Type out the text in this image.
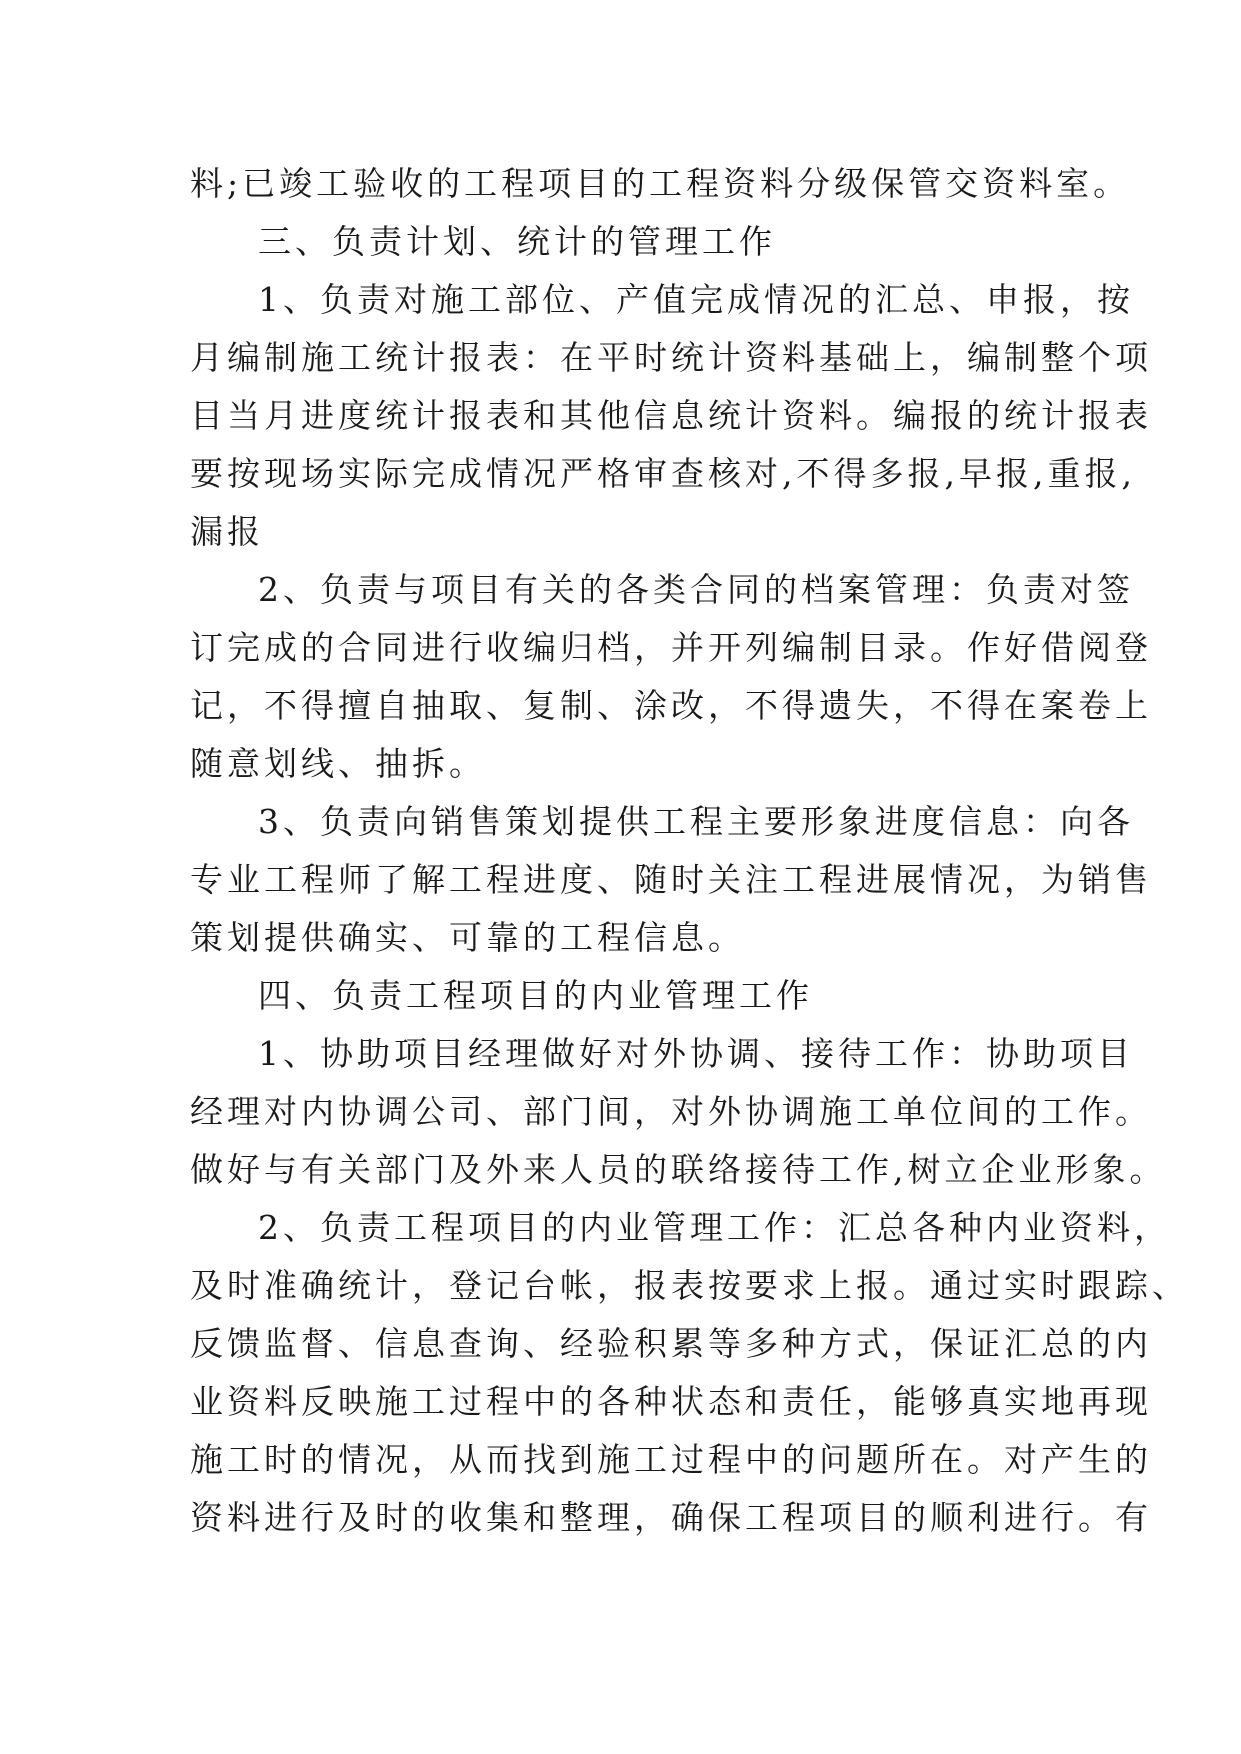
料;已竣工验收的工程项目的工程资料分级保管交资料室。
三、负责计划、统计的管理工作
1、负责对施工部位、产值完成情况的汇总、申报，按
月编制施工统计报表：在平时统计资料基础上，编制整个项
目当月进度统计报表和其他信息统计资料。编报的统计报表
要按现场实际完成情况严格审查核对,不得多报,早报,重报,
漏报
2、负责与项目有关的各类合同的档案管理：负责对签
订完成的合同进行收编归档，并开列编制目录。作好借阅登
记，不得擅自抽取、复制、涂改，不得遗失，不得在案卷上
随意划线、抽拆。
3、负责向销售策划提供工程主要形象进度信息：向各
专业工程师了解工程进度、随时关注工程进展情况，为销售
策划提供确实、可靠的工程信息。
四、负责工程项目的内业管理工作
1、协助项目经理做好对外协调、接待工作：协助项目
经理对内协调公司、部门间，对外协调施工单位间的工作。
做好与有关部门及外来人员的联络接待工作,树立企业形象。
2、负责工程项目的内业管理工作：汇总各种内业资料，
及时准确统计，登记台帐，报表按要求上报。通过实时跟踪、
反馈监督、信息查询、经验积累等多种方式，保证汇总的内
业资料反映施工过程中的各种状态和责任，能够真实地再现
施工时的情况，从而找到施工过程中的问题所在。对产生的
资料进行及时的收集和整理，确保工程项目的顺利进行。有
